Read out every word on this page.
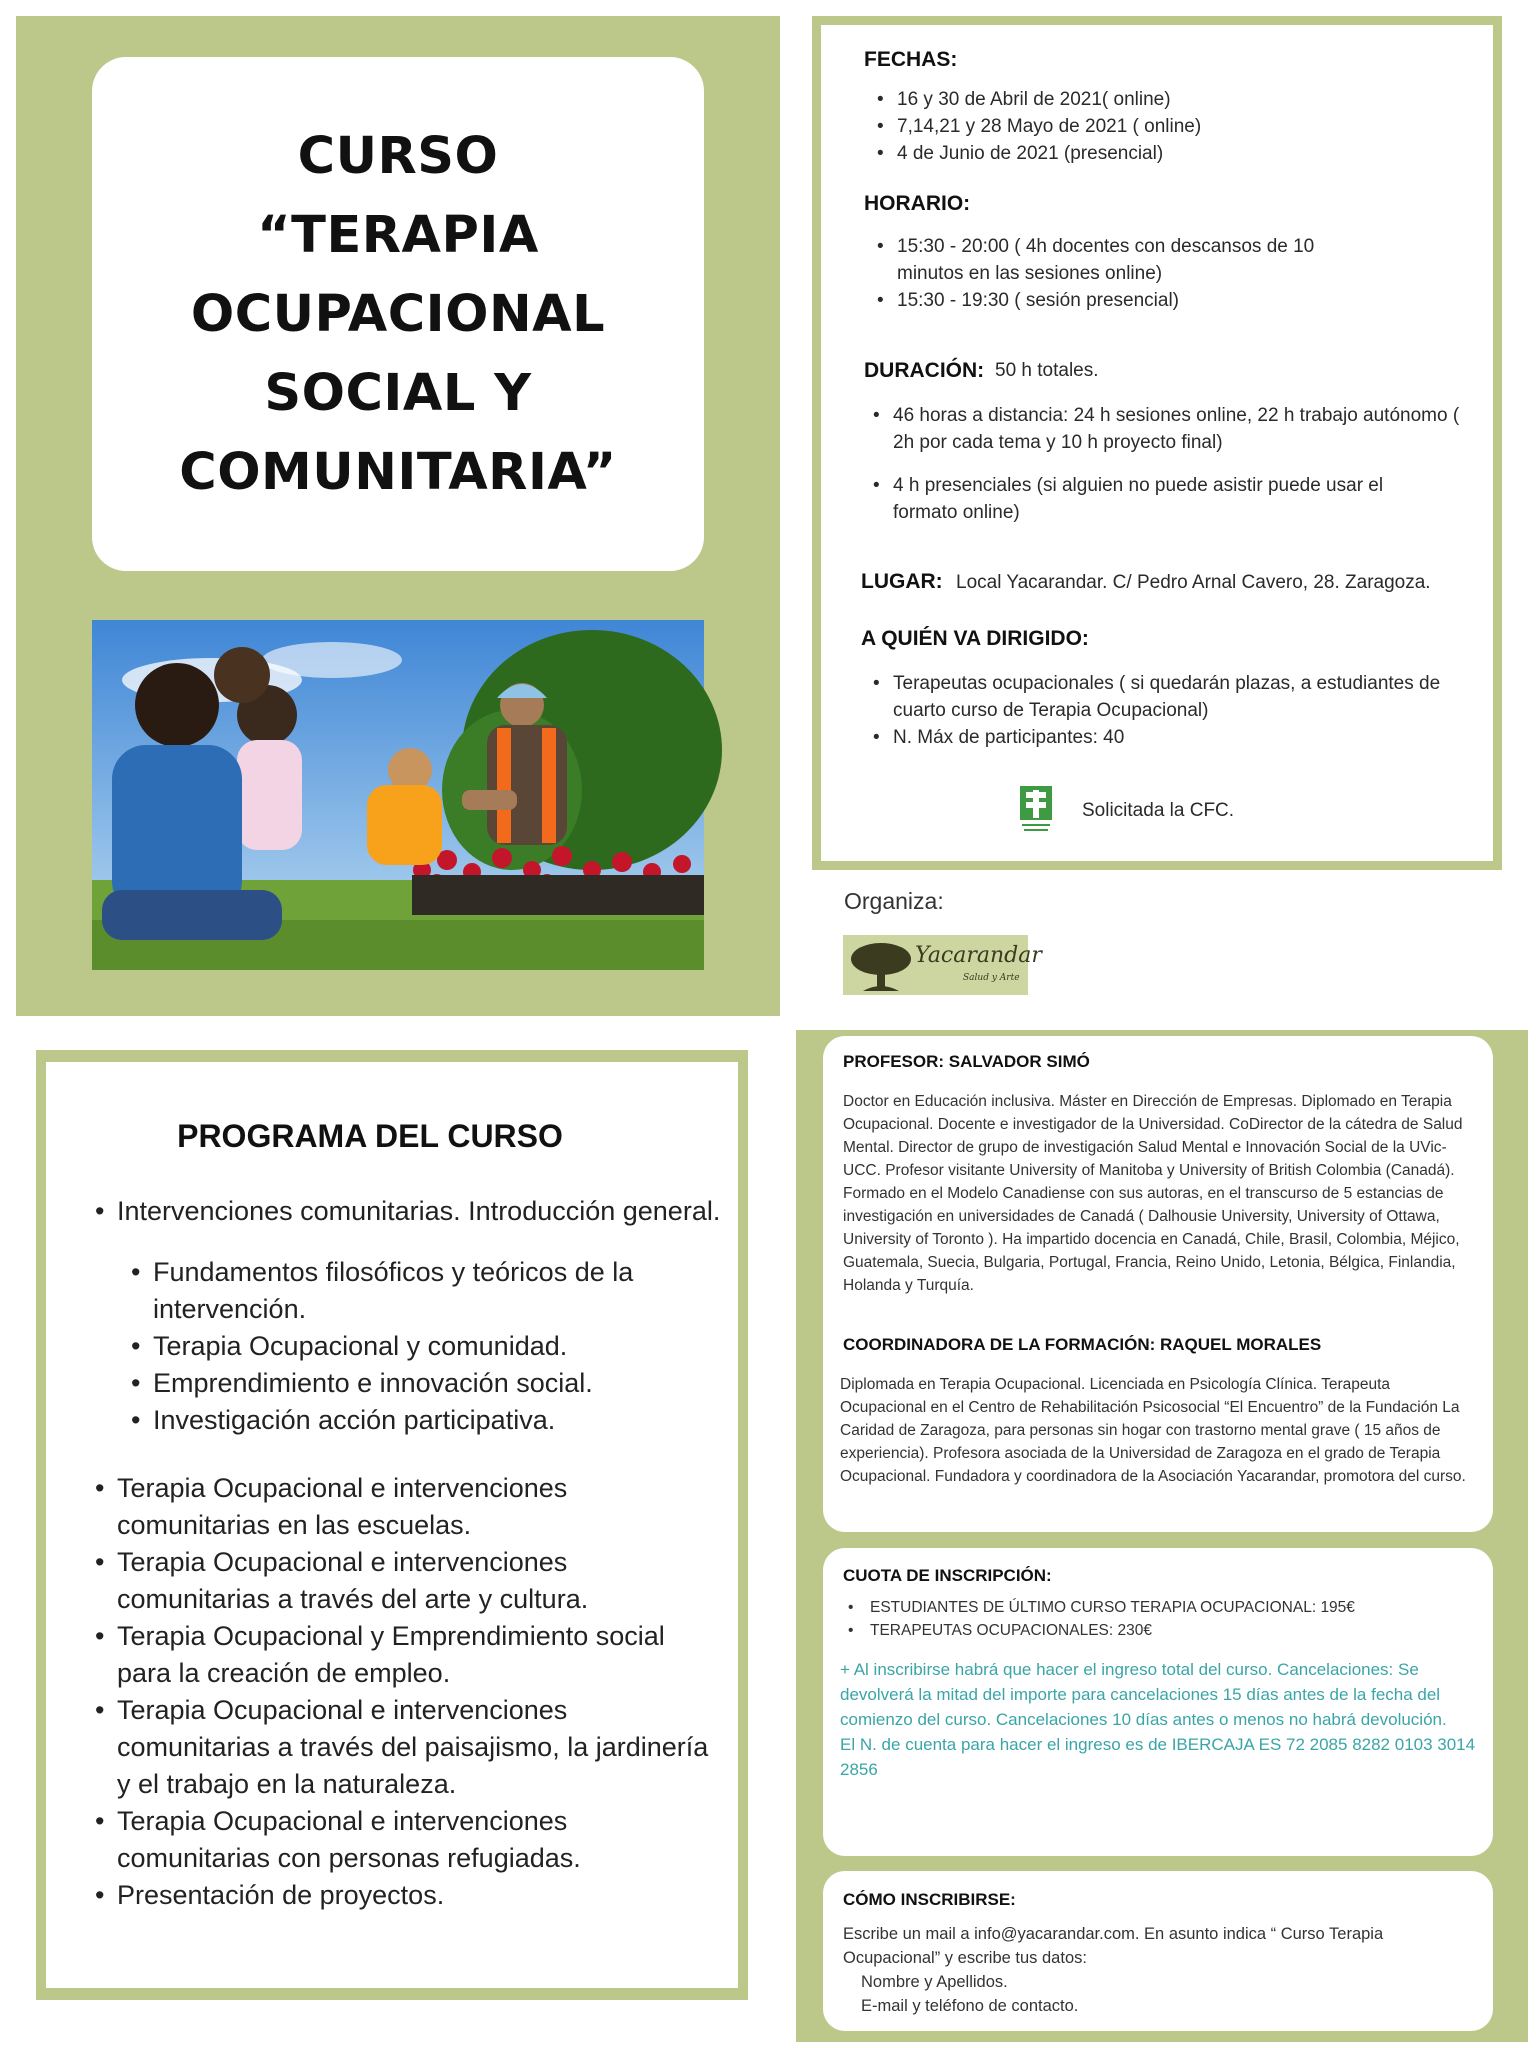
CURSO
“TERAPIA
OCUPACIONAL
SOCIAL Y
COMUNITARIA”
FECHAS:
• 16 y 30 de Abril de 2021( online)
• 7,14,21 y 28 Mayo de 2021 ( online)
• 4 de Junio de 2021 (presencial)
HORARIO:
• 15:30 - 20:00 ( 4h docentes con descansos de 10 minutos en las sesiones online)
• 15:30 - 19:30 ( sesión presencial)
DURACIÓN: 50 h totales.
• 46 horas a distancia: 24 h sesiones online, 22 h trabajo autónomo ( 2h por cada tema y 10 h proyecto final)
• 4 h presenciales (si alguien no puede asistir puede usar el formato online)
LUGAR: Local Yacarandar. C/ Pedro Arnal Cavero, 28. Zaragoza.
A QUIÉN VA DIRIGIDO:
• Terapeutas ocupacionales ( si quedarán plazas, a estudiantes de cuarto curso de Terapia Ocupacional)
• N. Máx de participantes: 40
Solicitada la CFC.
Organiza:
Yacarandar
Salud y Arte
PROGRAMA DEL CURSO
• Intervenciones comunitarias. Introducción general.
• Fundamentos filosóficos y teóricos de la intervención.
• Terapia Ocupacional y comunidad.
• Emprendimiento e innovación social.
• Investigación acción participativa.
• Terapia Ocupacional e intervenciones comunitarias en las escuelas.
• Terapia Ocupacional e intervenciones comunitarias a través del arte y cultura.
• Terapia Ocupacional y Emprendimiento social para la creación de empleo.
• Terapia Ocupacional e intervenciones comunitarias a través del paisajismo, la jardinería y el trabajo en la naturaleza.
• Terapia Ocupacional e intervenciones comunitarias con personas refugiadas.
• Presentación de proyectos.
PROFESOR: SALVADOR SIMÓ
Doctor en Educación inclusiva. Máster en Dirección de Empresas. Diplomado en Terapia Ocupacional. Docente e investigador de la Universidad. CoDirector de la cátedra de Salud Mental. Director de grupo de investigación Salud Mental e Innovación Social de la UVic-UCC. Profesor visitante University of Manitoba y University of British Colombia (Canadá).
Formado en el Modelo Canadiense con sus autoras, en el transcurso de 5 estancias de investigación en universidades de Canadá ( Dalhousie University, University of Ottawa, University of Toronto ). Ha impartido docencia en Canadá, Chile, Brasil, Colombia, Méjico, Guatemala, Suecia, Bulgaria, Portugal, Francia, Reino Unido, Letonia, Bélgica, Finlandia, Holanda y Turquía.
COORDINADORA DE LA FORMACIÓN: RAQUEL MORALES
Diplomada en Terapia Ocupacional. Licenciada en Psicología Clínica. Terapeuta Ocupacional en el Centro de Rehabilitación Psicosocial “El Encuentro” de la Fundación La Caridad de Zaragoza, para personas sin hogar con trastorno mental grave ( 15 años de experiencia). Profesora asociada de la Universidad de Zaragoza en el grado de Terapia Ocupacional. Fundadora y coordinadora de la Asociación Yacarandar, promotora del curso.
CUOTA DE INSCRIPCIÓN:
• ESTUDIANTES DE ÚLTIMO CURSO TERAPIA OCUPACIONAL: 195€
• TERAPEUTAS OCUPACIONALES: 230€
+ Al inscribirse habrá que hacer el ingreso total del curso. Cancelaciones: Se devolverá la mitad del importe para cancelaciones 15 días antes de la fecha del comienzo del curso. Cancelaciones 10 días antes o menos no habrá devolución.
El N. de cuenta para hacer el ingreso es de IBERCAJA ES 72 2085 8282 0103 3014 2856
CÓMO INSCRIBIRSE:
Escribe un mail a info@yacarandar.com. En asunto indica “ Curso Terapia Ocupacional” y escribe tus datos:
Nombre y Apellidos.
E-mail y teléfono de contacto.
